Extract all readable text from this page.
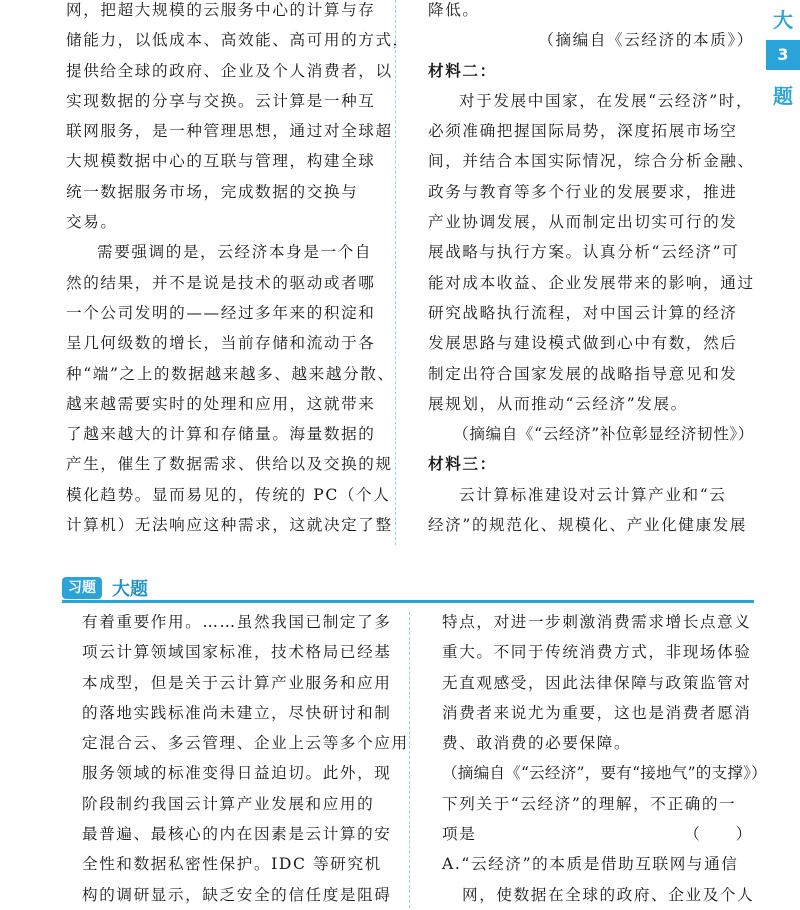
大
3
题
网，把超大规模的云服务中心的计算与存
储能力，以低成本、高效能、高可用的方式，
提供给全球的政府、企业及个人消费者，以
实现数据的分享与交换。云计算是一种互
联网服务，是一种管理思想，通过对全球超
大规模数据中心的互联与管理，构建全球
统一数据服务市场，完成数据的交换与
交易。
需要强调的是，云经济本身是一个自
然的结果，并不是说是技术的驱动或者哪
一个公司发明的——经过多年来的积淀和
呈几何级数的增长，当前存储和流动于各
种“端”之上的数据越来越多、越来越分散、
越来越需要实时的处理和应用，这就带来
了越来越大的计算和存储量。海量数据的
产生，催生了数据需求、供给以及交换的规
模化趋势。显而易见的，传统的 PC（个人
计算机）无法响应这种需求，这就决定了整
降低。
（摘编自《云经济的本质》）
材料二：
对于发展中国家，在发展“云经济”时，
必须准确把握国际局势，深度拓展市场空
间，并结合本国实际情况，综合分析金融、
政务与教育等多个行业的发展要求，推进
产业协调发展，从而制定出切实可行的发
展战略与执行方案。认真分析“云经济”可
能对成本收益、企业发展带来的影响，通过
研究战略执行流程，对中国云计算的经济
发展思路与建设模式做到心中有数，然后
制定出符合国家发展的战略指导意见和发
展规划，从而推动“云经济”发展。
（摘编自《“云经济”补位彰显经济韧性》）
材料三：
云计算标准建设对云计算产业和“云
经济”的规范化、规模化、产业化健康发展
习题 大题
有着重要作用。……虽然我国已制定了多
项云计算领域国家标准，技术格局已经基
本成型，但是关于云计算产业服务和应用
的落地实践标准尚未建立，尽快研讨和制
定混合云、多云管理、企业上云等多个应用
服务领域的标准变得日益迫切。此外，现
阶段制约我国云计算产业发展和应用的
最普遍、最核心的内在因素是云计算的安
全性和数据私密性保护。IDC 等研究机
构的调研显示，缺乏安全的信任度是阻碍
特点，对进一步刺激消费需求增长点意义
重大。不同于传统消费方式，非现场体验
无直观感受，因此法律保障与政策监管对
消费者来说尤为重要，这也是消费者愿消
费、敢消费的必要保障。
（摘编自《“云经济”，要有“接地气”的支撑》）
下列关于“云经济”的理解，不正确的一
项是	（　　）
A.“云经济”的本质是借助互联网与通信
网，使数据在全球的政府、企业及个人
